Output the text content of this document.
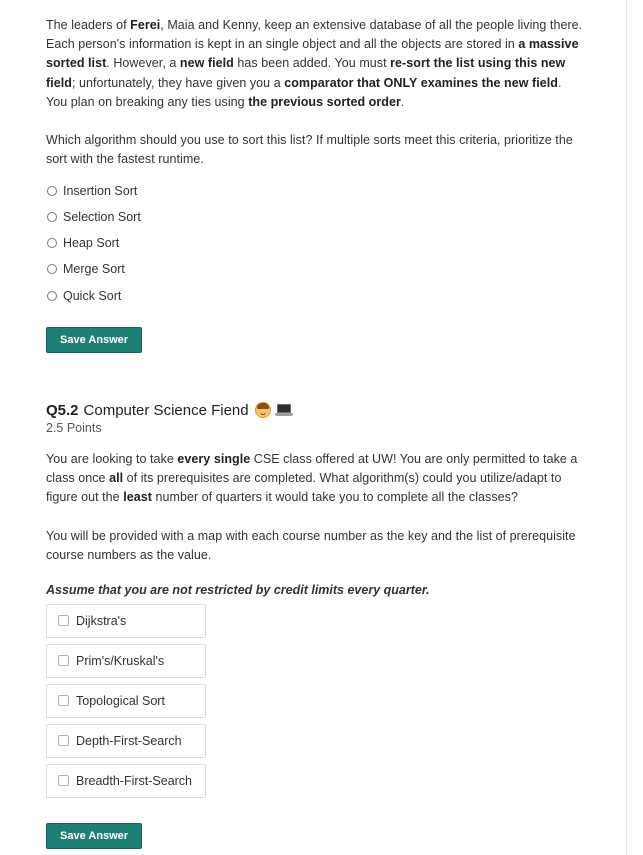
The leaders of Ferei, Maia and Kenny, keep an extensive database of all the people living there. Each person's information is kept in an single object and all the objects are stored in a massive sorted list. However, a new field has been added. You must re-sort the list using this new field; unfortunately, they have given you a comparator that ONLY examines the new field. You plan on breaking any ties using the previous sorted order.

Which algorithm should you use to sort this list? If multiple sorts meet this criteria, prioritize the sort with the fastest runtime.

Insertion Sort
Selection Sort
Heap Sort
Merge Sort
Quick Sort
Save Answer
Q5.2 Computer Science Fiend
2.5 Points

You are looking to take every single CSE class offered at UW! You are only permitted to take a class once all of its prerequisites are completed. What algorithm(s) could you utilize/adapt to figure out the least number of quarters it would take you to complete all the classes?

You will be provided with a map with each course number as the key and the list of prerequisite course numbers as the value.

Assume that you are not restricted by credit limits every quarter.
Dijkstra's
Prim's/Kruskal's
Topological Sort
Depth-First-Search
Breadth-First-Search
Save Answer
